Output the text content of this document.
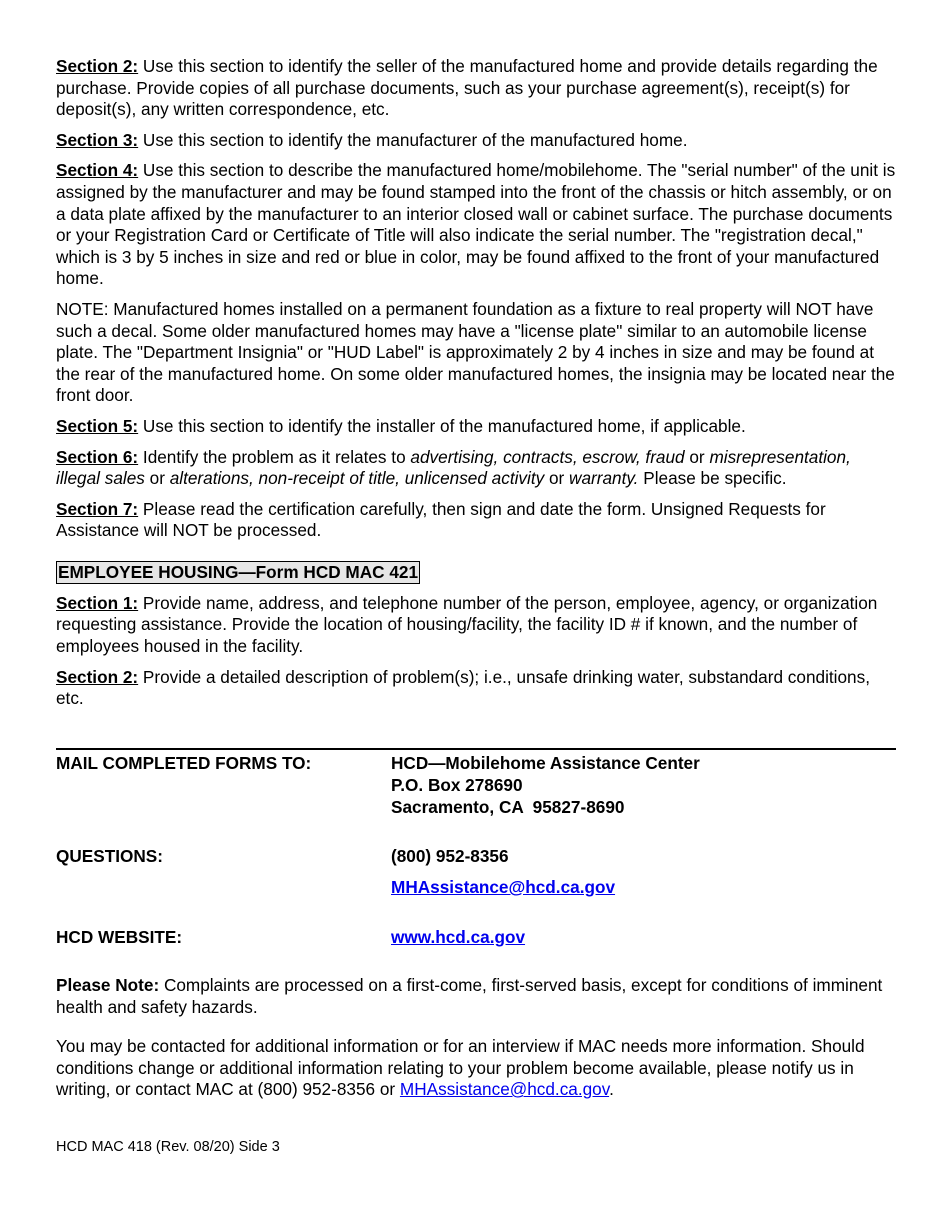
Section 2: Use this section to identify the seller of the manufactured home and provide details regarding the purchase. Provide copies of all purchase documents, such as your purchase agreement(s), receipt(s) for deposit(s), any written correspondence, etc.

Section 3: Use this section to identify the manufacturer of the manufactured home.

Section 4: Use this section to describe the manufactured home/mobilehome. The "serial number" of the unit is assigned by the manufacturer and may be found stamped into the front of the chassis or hitch assembly, or on a data plate affixed by the manufacturer to an interior closed wall or cabinet surface. The purchase documents or your Registration Card or Certificate of Title will also indicate the serial number. The "registration decal," which is 3 by 5 inches in size and red or blue in color, may be found affixed to the front of your manufactured home.

NOTE: Manufactured homes installed on a permanent foundation as a fixture to real property will NOT have such a decal. Some older manufactured homes may have a "license plate" similar to an automobile license plate. The "Department Insignia" or "HUD Label" is approximately 2 by 4 inches in size and may be found at the rear of the manufactured home. On some older manufactured homes, the insignia may be located near the front door.

Section 5: Use this section to identify the installer of the manufactured home, if applicable.

Section 6: Identify the problem as it relates to advertising, contracts, escrow, fraud or misrepresentation, illegal sales or alterations, non-receipt of title, unlicensed activity or warranty. Please be specific.

Section 7: Please read the certification carefully, then sign and date the form. Unsigned Requests for Assistance will NOT be processed.

EMPLOYEE HOUSING—Form HCD MAC 421

Section 1: Provide name, address, and telephone number of the person, employee, agency, or organization requesting assistance. Provide the location of housing/facility, the facility ID # if known, and the number of employees housed in the facility.

Section 2: Provide a detailed description of problem(s); i.e., unsafe drinking water, substandard conditions, etc.

MAIL COMPLETED FORMS TO:	HCD—Mobilehome Assistance Center
P.O. Box 278690
Sacramento, CA  95827-8690
QUESTIONS:	(800) 952-8356
MHAssistance@hcd.ca.gov
HCD WEBSITE:	www.hcd.ca.gov
Please Note: Complaints are processed on a first-come, first-served basis, except for conditions of imminent health and safety hazards.
You may be contacted for additional information or for an interview if MAC needs more information. Should conditions change or additional information relating to your problem become available, please notify us in writing, or contact MAC at (800) 952-8356 or MHAssistance@hcd.ca.gov.
HCD MAC 418 (Rev. 08/20) Side 3
